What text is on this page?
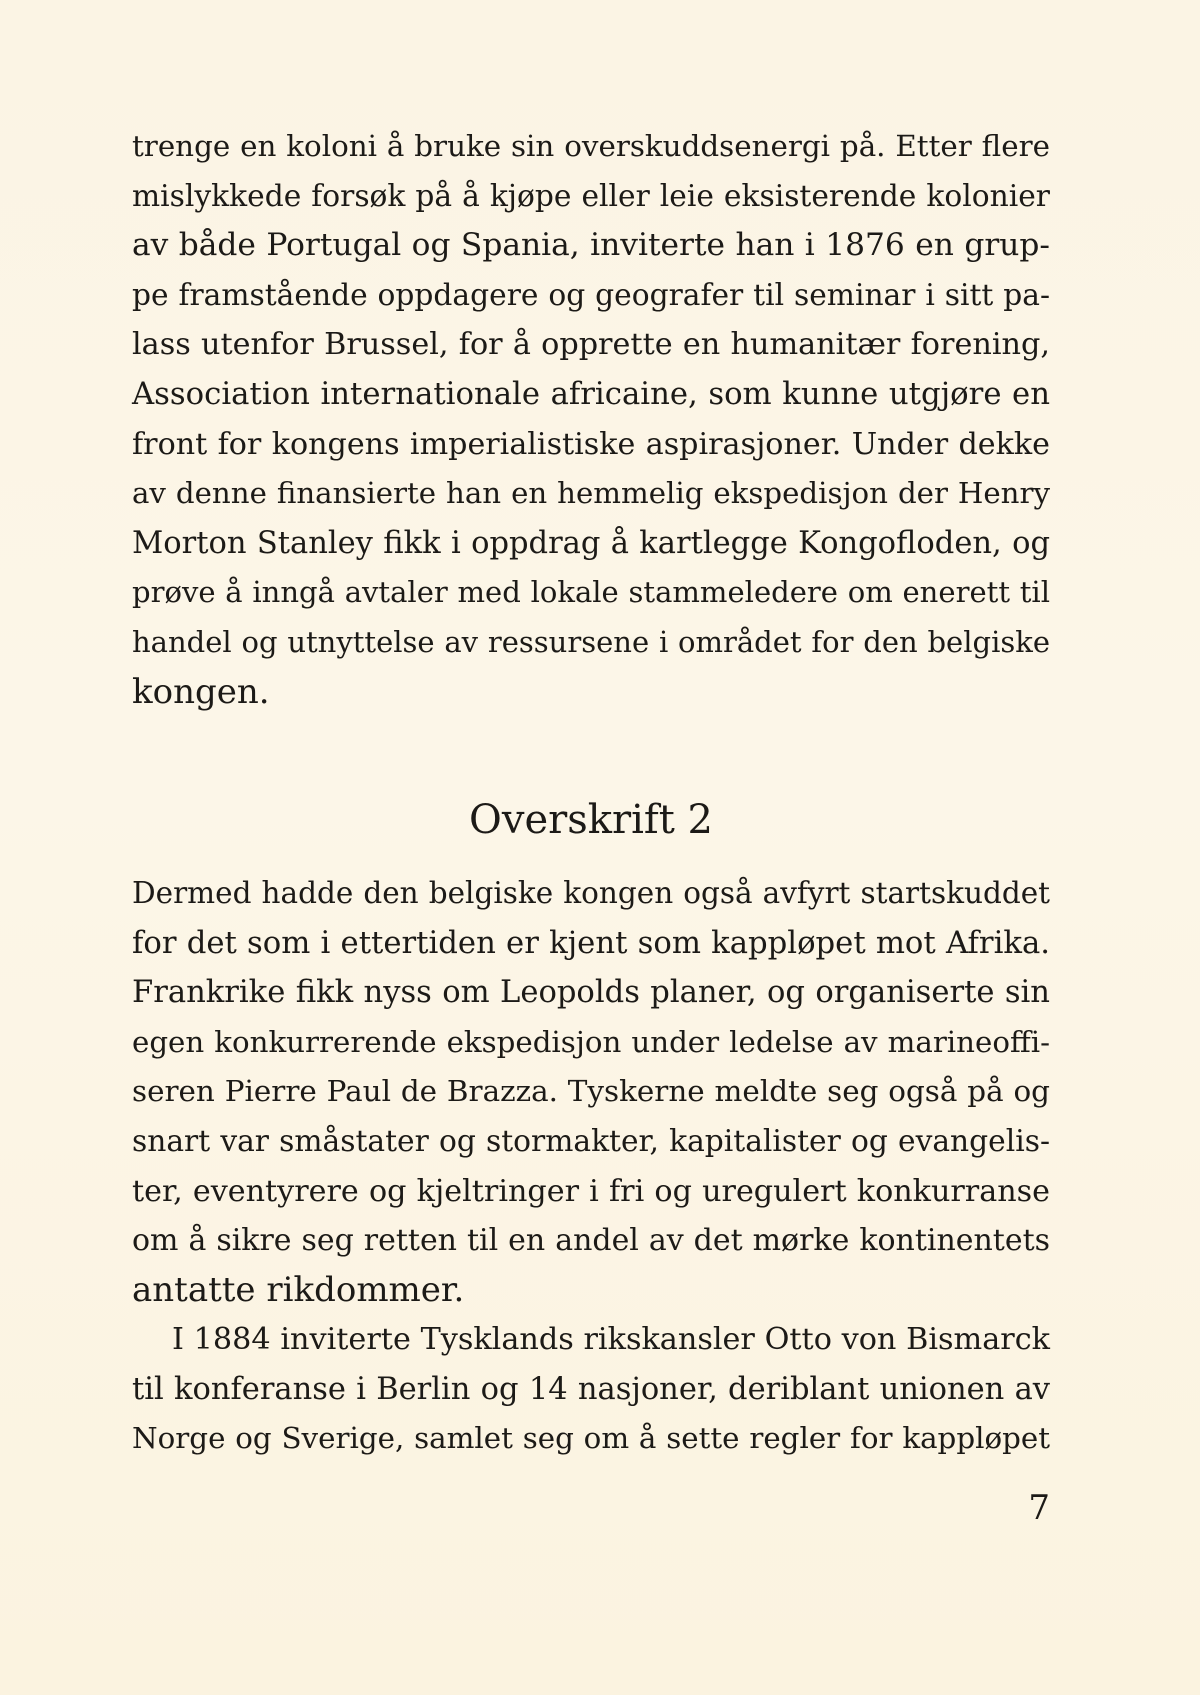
trenge en koloni å bruke sin overskuddsenergi på. Etter flere
mislykkede forsøk på å kjøpe eller leie eksisterende kolonier
av både Portugal og Spania, inviterte han i 1876 en grup-
pe framstående oppdagere og geografer til seminar i sitt pa-
lass utenfor Brussel, for å opprette en humanitær forening,
Association internationale africaine, som kunne utgjøre en
front for kongens imperialistiske aspirasjoner. Under dekke
av denne finansierte han en hemmelig ekspedisjon der Henry
Morton Stanley fikk i oppdrag å kartlegge Kongofloden, og
prøve å inngå avtaler med lokale stammeledere om enerett til
handel og utnyttelse av ressursene i området for den belgiske
kongen.
Overskrift 2
Dermed hadde den belgiske kongen også avfyrt startskuddet
for det som i ettertiden er kjent som kappløpet mot Afrika.
Frankrike fikk nyss om Leopolds planer, og organiserte sin
egen konkurrerende ekspedisjon under ledelse av marineoffi-
seren Pierre Paul de Brazza. Tyskerne meldte seg også på og
snart var småstater og stormakter, kapitalister og evangelis-
ter, eventyrere og kjeltringer i fri og uregulert konkurranse
om å sikre seg retten til en andel av det mørke kontinentets
antatte rikdommer.
I 1884 inviterte Tysklands rikskansler Otto von Bismarck
til konferanse i Berlin og 14 nasjoner, deriblant unionen av
Norge og Sverige, samlet seg om å sette regler for kappløpet
7
